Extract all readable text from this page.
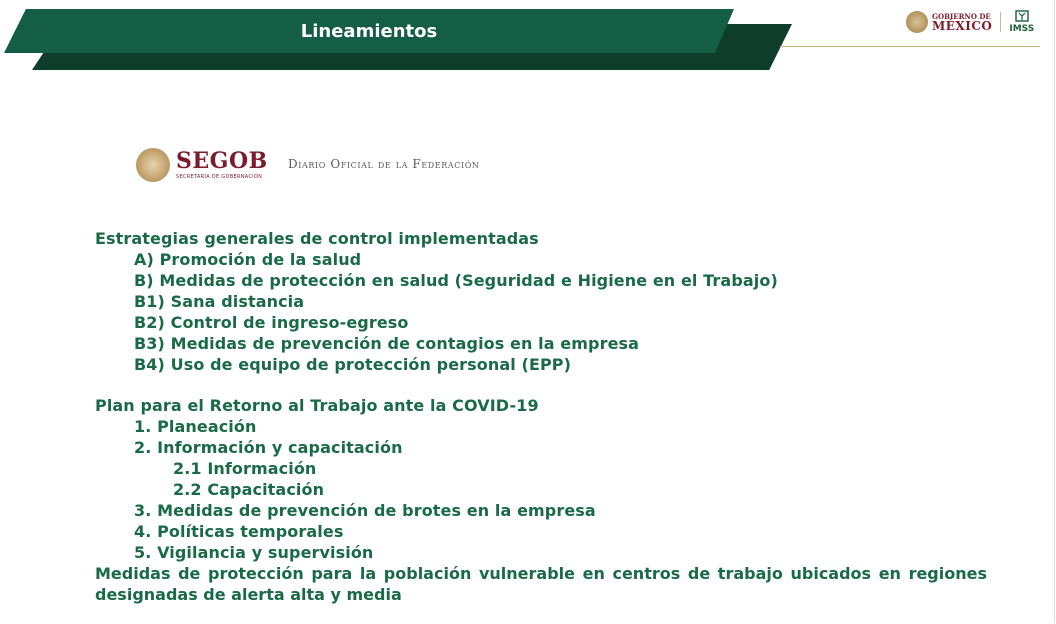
Lineamientos
GOBIERNO DE
MÉXICO IMSS
SEGOB
SECRETARÍA DE GOBERNACIÓN
Diario Oficial de la Federación
Estrategias generales de control implementadas
A) Promoción de la salud
B) Medidas de protección en salud (Seguridad e Higiene en el Trabajo)
B1) Sana distancia
B2) Control de ingreso-egreso
B3) Medidas de prevención de contagios en la empresa
B4) Uso de equipo de protección personal (EPP)
Plan para el Retorno al Trabajo ante la COVID-19
1. Planeación
2. Información y capacitación
2.1 Información
2.2 Capacitación
3. Medidas de prevención de brotes en la empresa
4. Políticas temporales
5. Vigilancia y supervisión
Medidas de protección para la población vulnerable en centros de trabajo ubicados en regiones designadas de alerta alta y media
